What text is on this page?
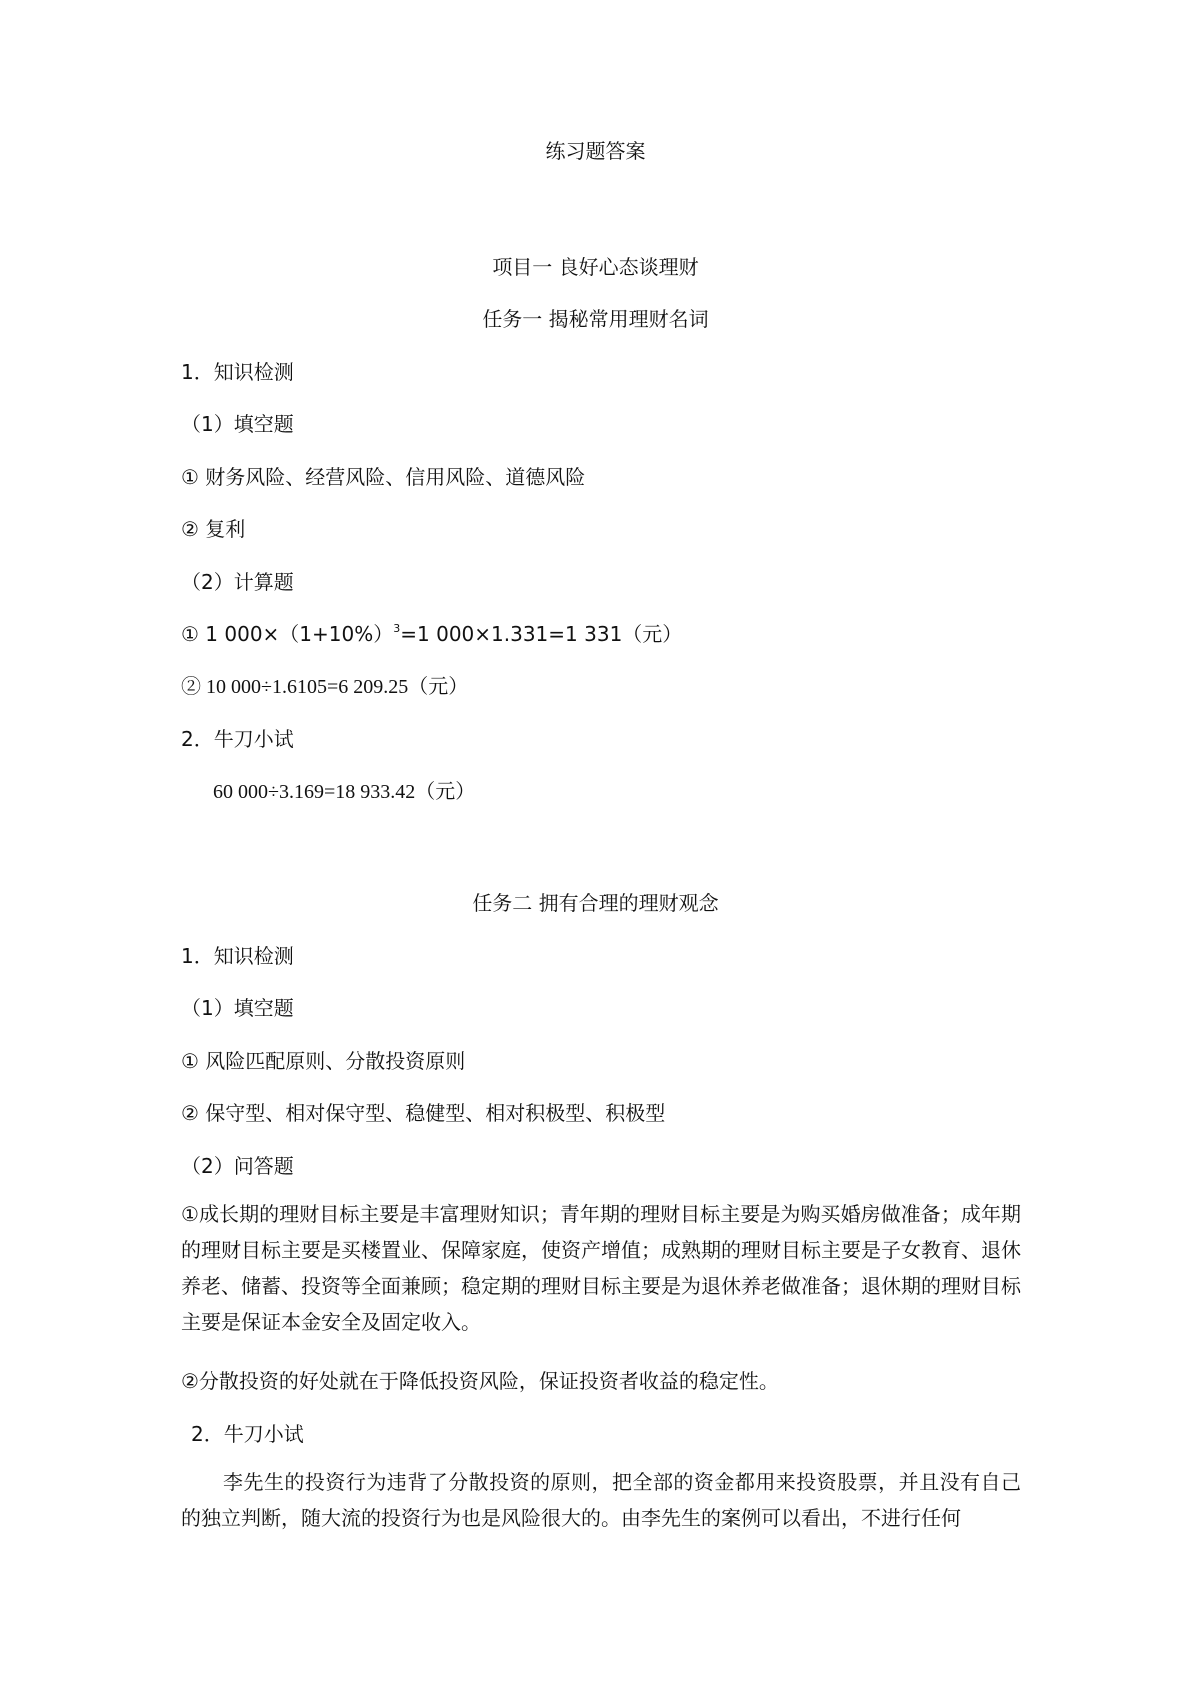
练习题答案
项目一 良好心态谈理财
任务一 揭秘常用理财名词
1．知识检测
（1）填空题
① 财务风险、经营风险、信用风险、道德风险
② 复利
（2）计算题
① 1 $000\times(1+10\%)^3=1$ 000×1.331=1 331（元）
② 10 000÷1.6105=6 209.25（元）
2．牛刀小试
60 000÷3.169=18 933.42（元）
任务二 拥有合理的理财观念
1．知识检测
（1）填空题
① 风险匹配原则、分散投资原则
② 保守型、相对保守型、稳健型、相对积极型、积极型
（2）问答题
①成长期的理财目标主要是丰富理财知识；青年期的理财目标主要是为购买婚房做准备；成年期的理财目标主要是买楼置业、保障家庭，使资产增值；成熟期的理财目标主要是子女教育、退休养老、储蓄、投资等全面兼顾；稳定期的理财目标主要是为退休养老做准备；退休期的理财目标主要是保证本金安全及固定收入。
②分散投资的好处就在于降低投资风险，保证投资者收益的稳定性。
2．牛刀小试
李先生的投资行为违背了分散投资的原则，把全部的资金都用来投资股票，并且没有自己的独立判断，随大流的投资行为也是风险很大的。由李先生的案例可以看出，不进行任何
